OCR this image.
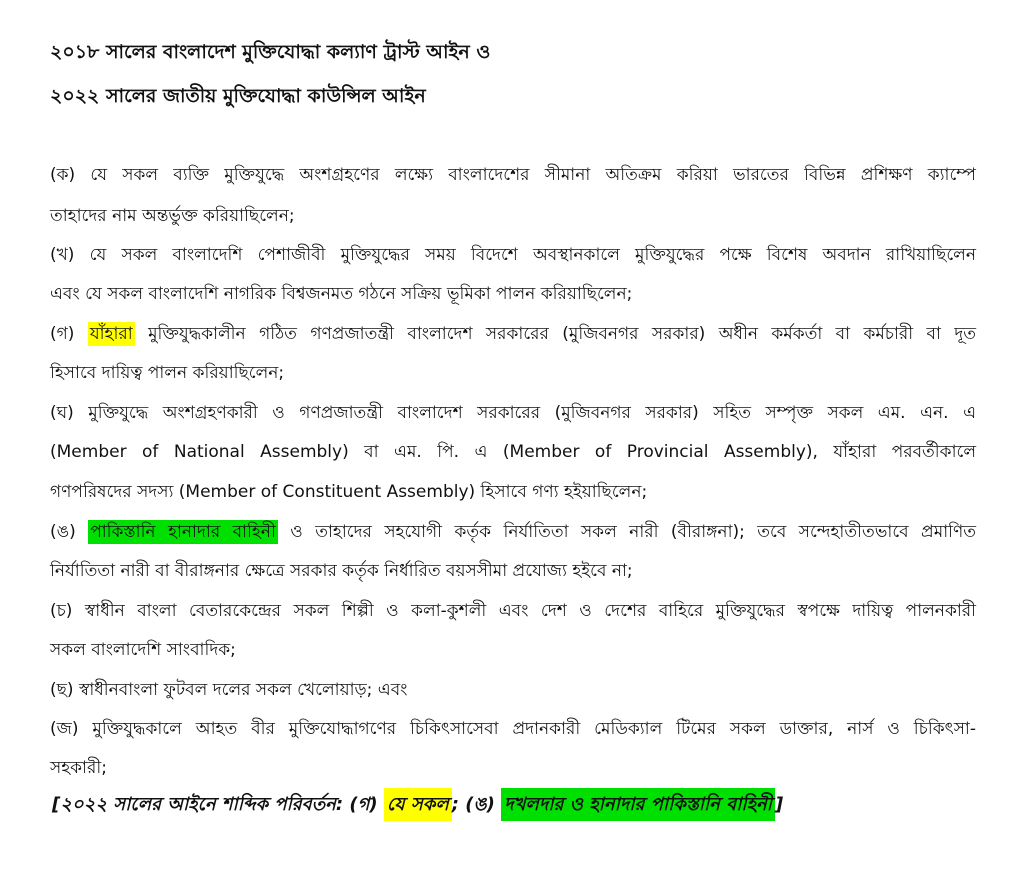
২০১৮ সালের বাংলাদেশ মুক্তিযোদ্ধা কল্যাণ ট্রাস্ট আইন ও
২০২২ সালের জাতীয় মুক্তিযোদ্ধা কাউন্সিল আইন
(ক) যে সকল ব্যক্তি মুক্তিযুদ্ধে অংশগ্রহণের লক্ষ্যে বাংলাদেশের সীমানা অতিক্রম করিয়া ভারতের বিভিন্ন প্রশিক্ষণ ক্যাম্পে
তাহাদের নাম অন্তর্ভুক্ত করিয়াছিলেন;
(খ) যে সকল বাংলাদেশি পেশাজীবী মুক্তিযুদ্ধের সময় বিদেশে অবস্থানকালে মুক্তিযুদ্ধের পক্ষে বিশেষ অবদান রাখিয়াছিলেন
এবং যে সকল বাংলাদেশি নাগরিক বিশ্বজনমত গঠনে সক্রিয় ভূমিকা পালন করিয়াছিলেন;
(গ) যাঁহারা মুক্তিযুদ্ধকালীন গঠিত গণপ্রজাতন্ত্রী বাংলাদেশ সরকারের (মুজিবনগর সরকার) অধীন কর্মকর্তা বা কর্মচারী বা দূত
হিসাবে দায়িত্ব পালন করিয়াছিলেন;
(ঘ) মুক্তিযুদ্ধে অংশগ্রহণকারী ও গণপ্রজাতন্ত্রী বাংলাদেশ সরকারের (মুজিবনগর সরকার) সহিত সম্পৃক্ত সকল এম. এন. এ
(Member of National Assembly) বা এম. পি. এ (Member of Provincial Assembly), যাঁহারা পরবর্তীকালে
গণপরিষদের সদস্য (Member of Constituent Assembly) হিসাবে গণ্য হইয়াছিলেন;
(ঙ) পাকিস্তানি হানাদার বাহিনী ও তাহাদের সহযোগী কর্তৃক নির্যাতিতা সকল নারী (বীরাঙ্গনা); তবে সন্দেহাতীতভাবে প্রমাণিত
নির্যাতিতা নারী বা বীরাঙ্গনার ক্ষেত্রে সরকার কর্তৃক নির্ধারিত বয়সসীমা প্রযোজ্য হইবে না;
(চ) স্বাধীন বাংলা বেতারকেন্দ্রের সকল শিল্পী ও কলা-কুশলী এবং দেশ ও দেশের বাহিরে মুক্তিযুদ্ধের স্বপক্ষে দায়িত্ব পালনকারী
সকল বাংলাদেশি সাংবাদিক;
(ছ) স্বাধীনবাংলা ফুটবল দলের সকল খেলোয়াড়; এবং
(জ) মুক্তিযুদ্ধকালে আহত বীর মুক্তিযোদ্ধাগণের চিকিৎসাসেবা প্রদানকারী মেডিক্যাল টিমের সকল ডাক্তার, নার্স ও চিকিৎসা-
সহকারী;
[২০২২ সালের আইনে শাব্দিক পরিবর্তন: (গ) যে সকল ; (ঙ) দখলদার ও হানাদার পাকিস্তানি বাহিনী ]
